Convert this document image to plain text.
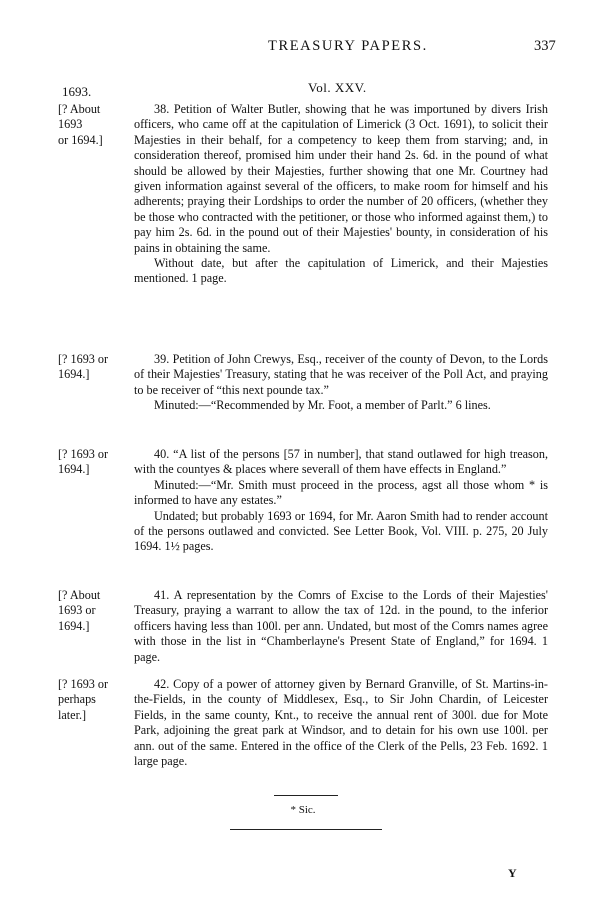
TREASURY PAPERS.	337
1693.	Vol. XXV.
[? About
1693
or 1694.]

38. Petition of Walter Butler, showing that he was importuned by divers Irish officers, who came off at the capitulation of Limerick (3 Oct. 1691), to solicit their Majesties in their behalf, for a competency to keep them from starving; and, in consideration thereof, promised him under their hand 2s. 6d. in the pound of what should be allowed by their Majesties, further showing that one Mr. Courtney had given information against several of the officers, to make room for himself and his adherents; praying their Lordships to order the number of 20 officers, (whether they be those who contracted with the petitioner, or those who informed against them,) to pay him 2s. 6d. in the pound out of their Majesties' bounty, in consideration of his pains in obtaining the same.

Without date, but after the capitulation of Limerick, and their Majesties mentioned. 1 page.

[? 1693 or
1694.]

39. Petition of John Crewys, Esq., receiver of the county of Devon, to the Lords of their Majesties' Treasury, stating that he was receiver of the Poll Act, and praying to be receiver of “this next pounde tax.”

Minuted:—“Recommended by Mr. Foot, a member of Parlt.” 6 lines.

[? 1693 or
1694.]

40. “A list of the persons [57 in number], that stand outlawed for high treason, with the countyes & places where severall of them have effects in England.”

Minuted:—“Mr. Smith must proceed in the process, agst all those whom * is informed to have any estates.”

Undated; but probably 1693 or 1694, for Mr. Aaron Smith had to render account of the persons outlawed and convicted. See Letter Book, Vol. VIII. p. 275, 20 July 1694. 1½ pages.

[? About
1693 or
1694.]

41. A representation by the Comrs of Excise to the Lords of their Majesties' Treasury, praying a warrant to allow the tax of 12d. in the pound, to the inferior officers having less than 100l. per ann. Undated, but most of the Comrs names agree with those in the list in “Chamberlayne's Present State of England,” for 1694. 1 page.

[? 1693 or
perhaps
later.]

42. Copy of a power of attorney given by Bernard Granville, of St. Martins-in-the-Fields, in the county of Middlesex, Esq., to Sir John Chardin, of Leicester Fields, in the same county, Knt., to receive the annual rent of 300l. due for Mote Park, adjoining the great park at Windsor, and to detain for his own use 100l. per ann. out of the same. Entered in the office of the Clerk of the Pells, 23 Feb. 1692. 1 large page.

* Sic.
Y
